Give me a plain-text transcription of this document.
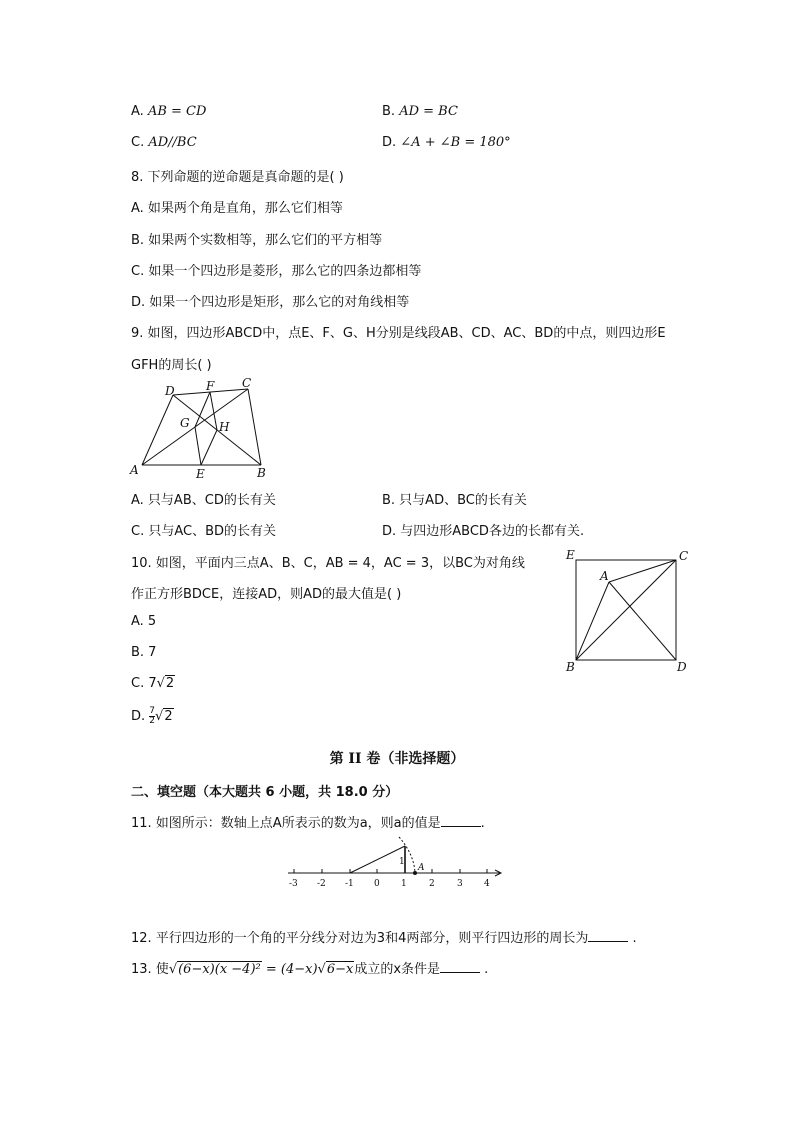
A. AB = CD	B. AD = BC
C. AD//BC	D. ∠A + ∠B = 180°
8. 下列命题的逆命题是真命题的是( )
A. 如果两个角是直角，那么它们相等
B. 如果两个实数相等，那么它们的平方相等
C. 如果一个四边形是菱形，那么它的四条边都相等
D. 如果一个四边形是矩形，那么它的对角线相等
9. 如图，四边形ABCD中，点E、F、G、H分别是线段AB、CD、AC、BD的中点，则四边形E
GFH的周长( )
A	B
C
D
E
F
G H
A. 只与AB、CD的长有关	B. 只与AD、BC的长有关
C. 只与AC、BD的长有关	D. 与四边形ABCD各边的长都有关.
10. 如图，平面内三点A、B、C，AB = 4，AC = 3，以BC为对角线
作正方形BDCE，连接AD，则AD的最大值是( )
E	C
A
B	D
A. 5
B. 7
C. 7√2
D. $\frac{7}{2} √2$
第 II 卷（非选择题）
二、填空题（本大题共 6 小题，共 18.0 分）
11. 如图所示：数轴上点A所表示的数为a，则a的值是	.
-3 -2 -1 0 1 2 3 4
1
A
12. 平行四边形的一个角的平分线分对边为3和4两部分，则平行四边形的周长为	.
13. 使√(6−x)(x −4)² = (4−x)√6−x成立的x条件是	.
